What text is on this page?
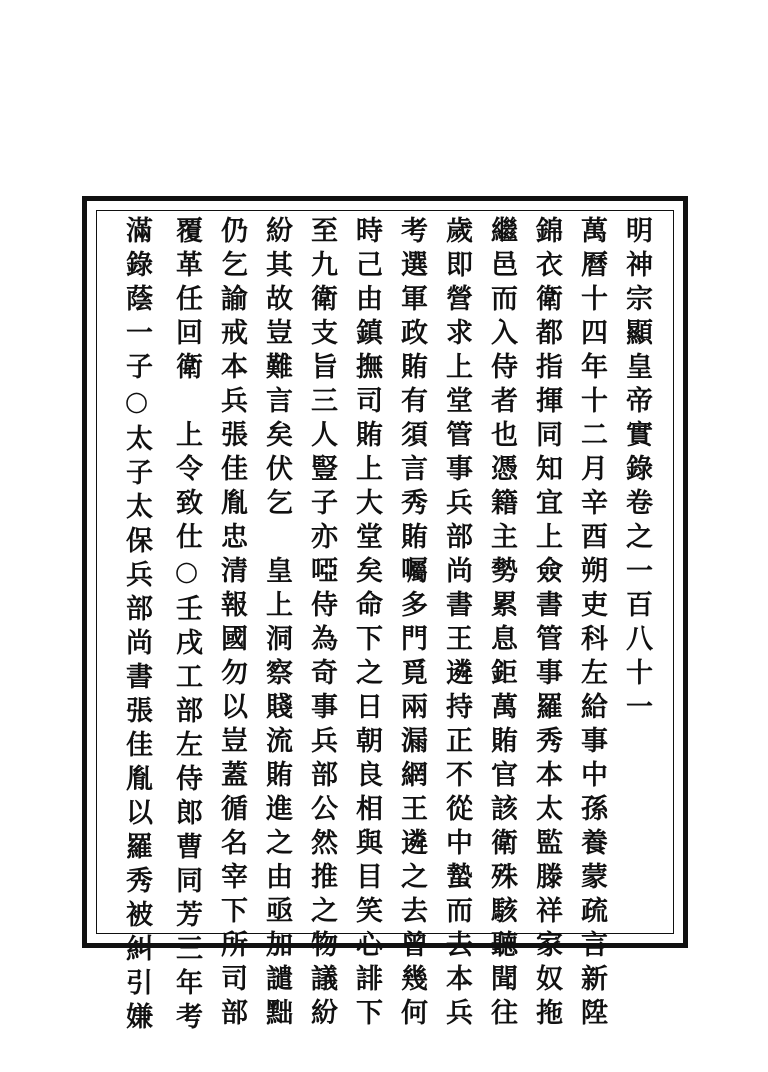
明神宗顯皇帝實錄卷之一百八十一
萬曆十四年十二月辛酉朔吏科左給事中孫養蒙疏言新陞
錦衣衛都指揮同知宜上僉書管事羅秀本太監滕祥家奴拖
繼邑而入侍者也憑籍主勢累息鉅萬賄官該衛殊駭聽聞往
歲即營求上堂管事兵部尚書王遴持正不從中蟄而去本兵
考選軍政賄有須言秀賄囑多門覓兩漏網王遴之去曾幾何
時己由鎮撫司賄上大堂矣命下之日朝良相與目笑心誹下
至九衛支旨三人豎子亦啞侍為奇事兵部公然推之物議紛
紛其故豈難言矣伏乞　皇上洞察賤流賄進之由亟加譴黜
仍乞諭戒本兵張佳胤忠清報國勿以豈蓋循名宰下所司部
覆革任回衛　上令致仕○壬戌工部左侍郎曹同芳三年考
滿錄蔭一子○太子太保兵部尚書張佳胤以羅秀被糾引嫌
